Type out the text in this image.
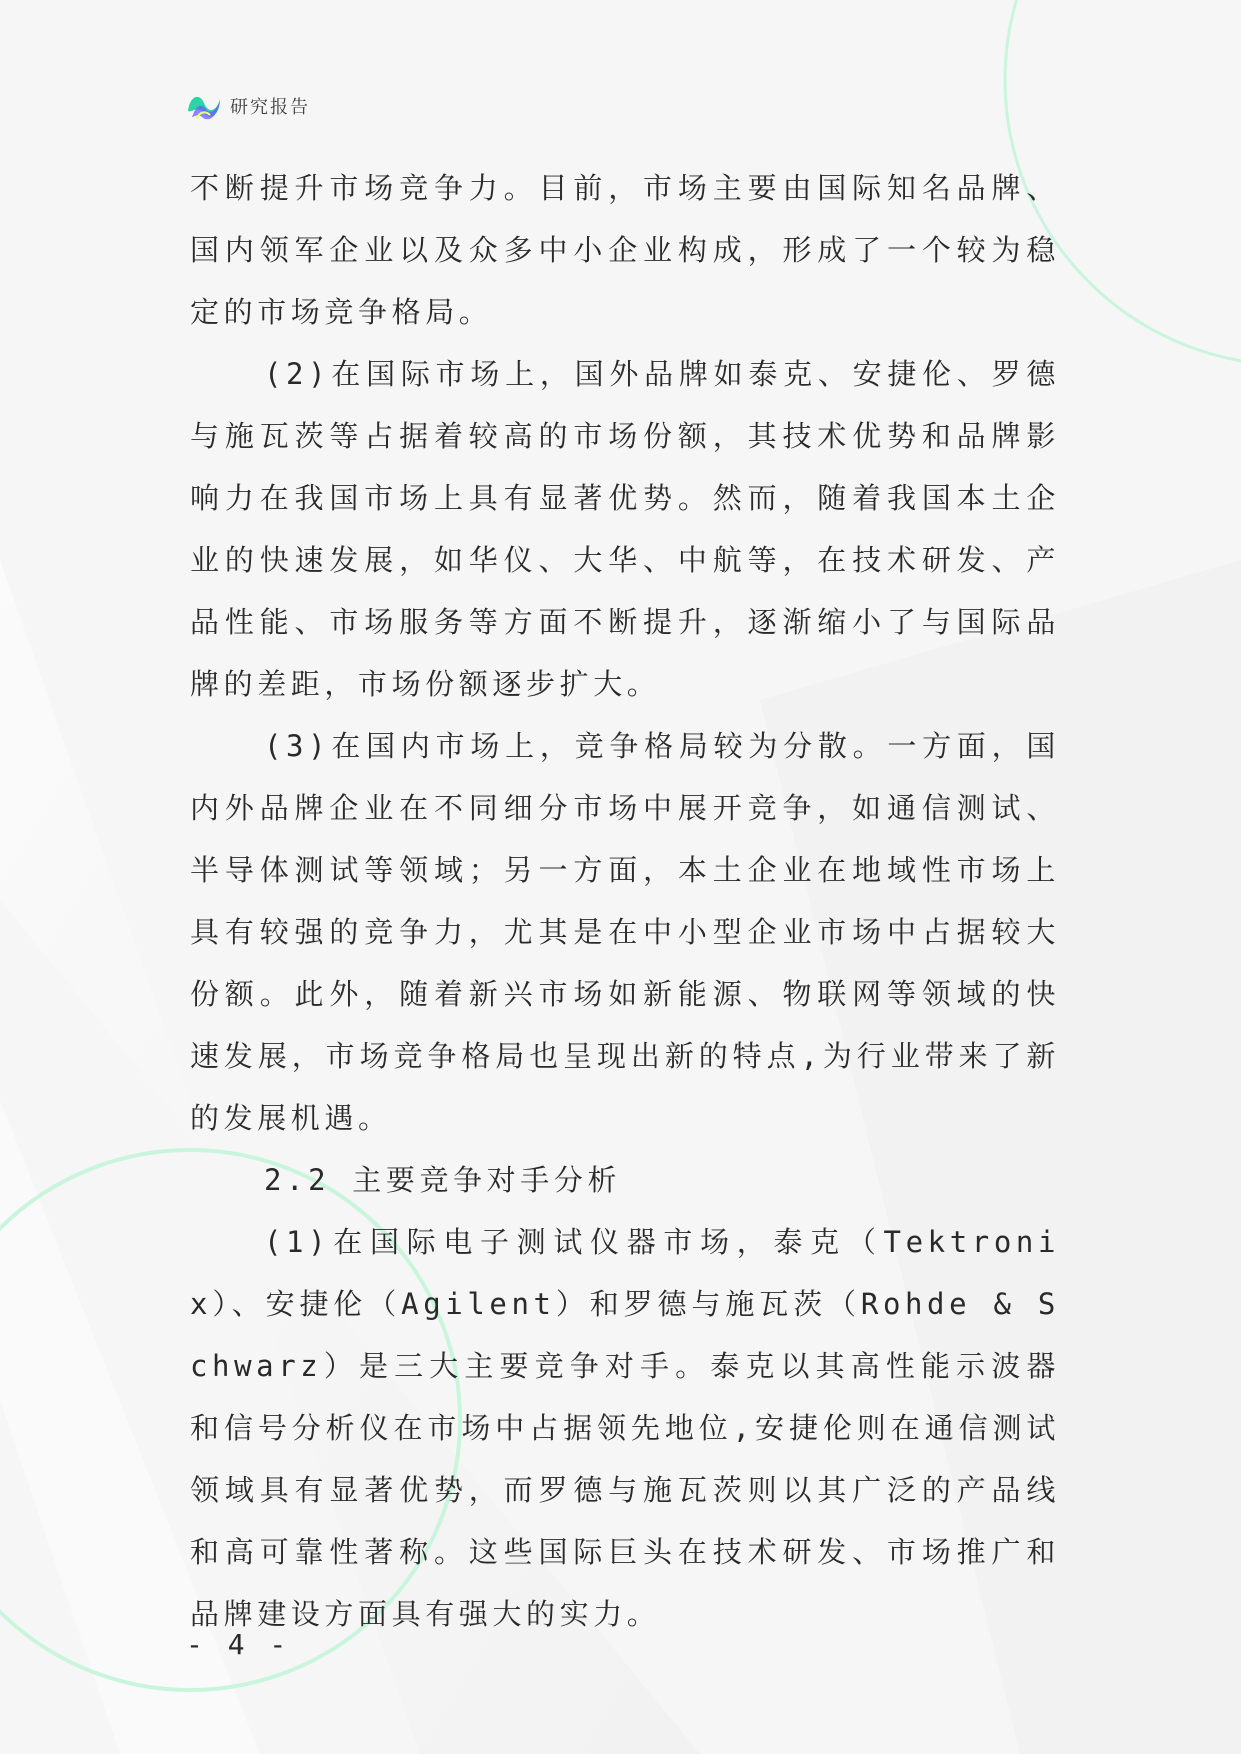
研究报告

不断提升市场竞争力。目前，市场主要由国际知名品牌、国内领军企业以及众多中小企业构成，形成了一个较为稳定的市场竞争格局。

(2)在国际市场上，国外品牌如泰克、安捷伦、罗德与施瓦茨等占据着较高的市场份额，其技术优势和品牌影响力在我国市场上具有显著优势。然而，随着我国本土企业的快速发展，如华仪、大华、中航等，在技术研发、产品性能、市场服务等方面不断提升，逐渐缩小了与国际品牌的差距，市场份额逐步扩大。

(3)在国内市场上，竞争格局较为分散。一方面，国内外品牌企业在不同细分市场中展开竞争，如通信测试、半导体测试等领域；另一方面，本土企业在地域性市场上具有较强的竞争力，尤其是在中小型企业市场中占据较大份额。此外，随着新兴市场如新能源、物联网等领域的快速发展，市场竞争格局也呈现出新的特点,为行业带来了新的发展机遇。

2.2 主要竞争对手分析

(1)在国际电子测试仪器市场，泰克（Tektronix）、安捷伦（Agilent）和罗德与施瓦茨（Rohde & Schwarz）是三大主要竞争对手。泰克以其高性能示波器和信号分析仪在市场中占据领先地位,安捷伦则在通信测试领域具有显著优势，而罗德与施瓦茨则以其广泛的产品线和高可靠性著称。这些国际巨头在技术研发、市场推广和品牌建设方面具有强大的实力。

- 4 -
